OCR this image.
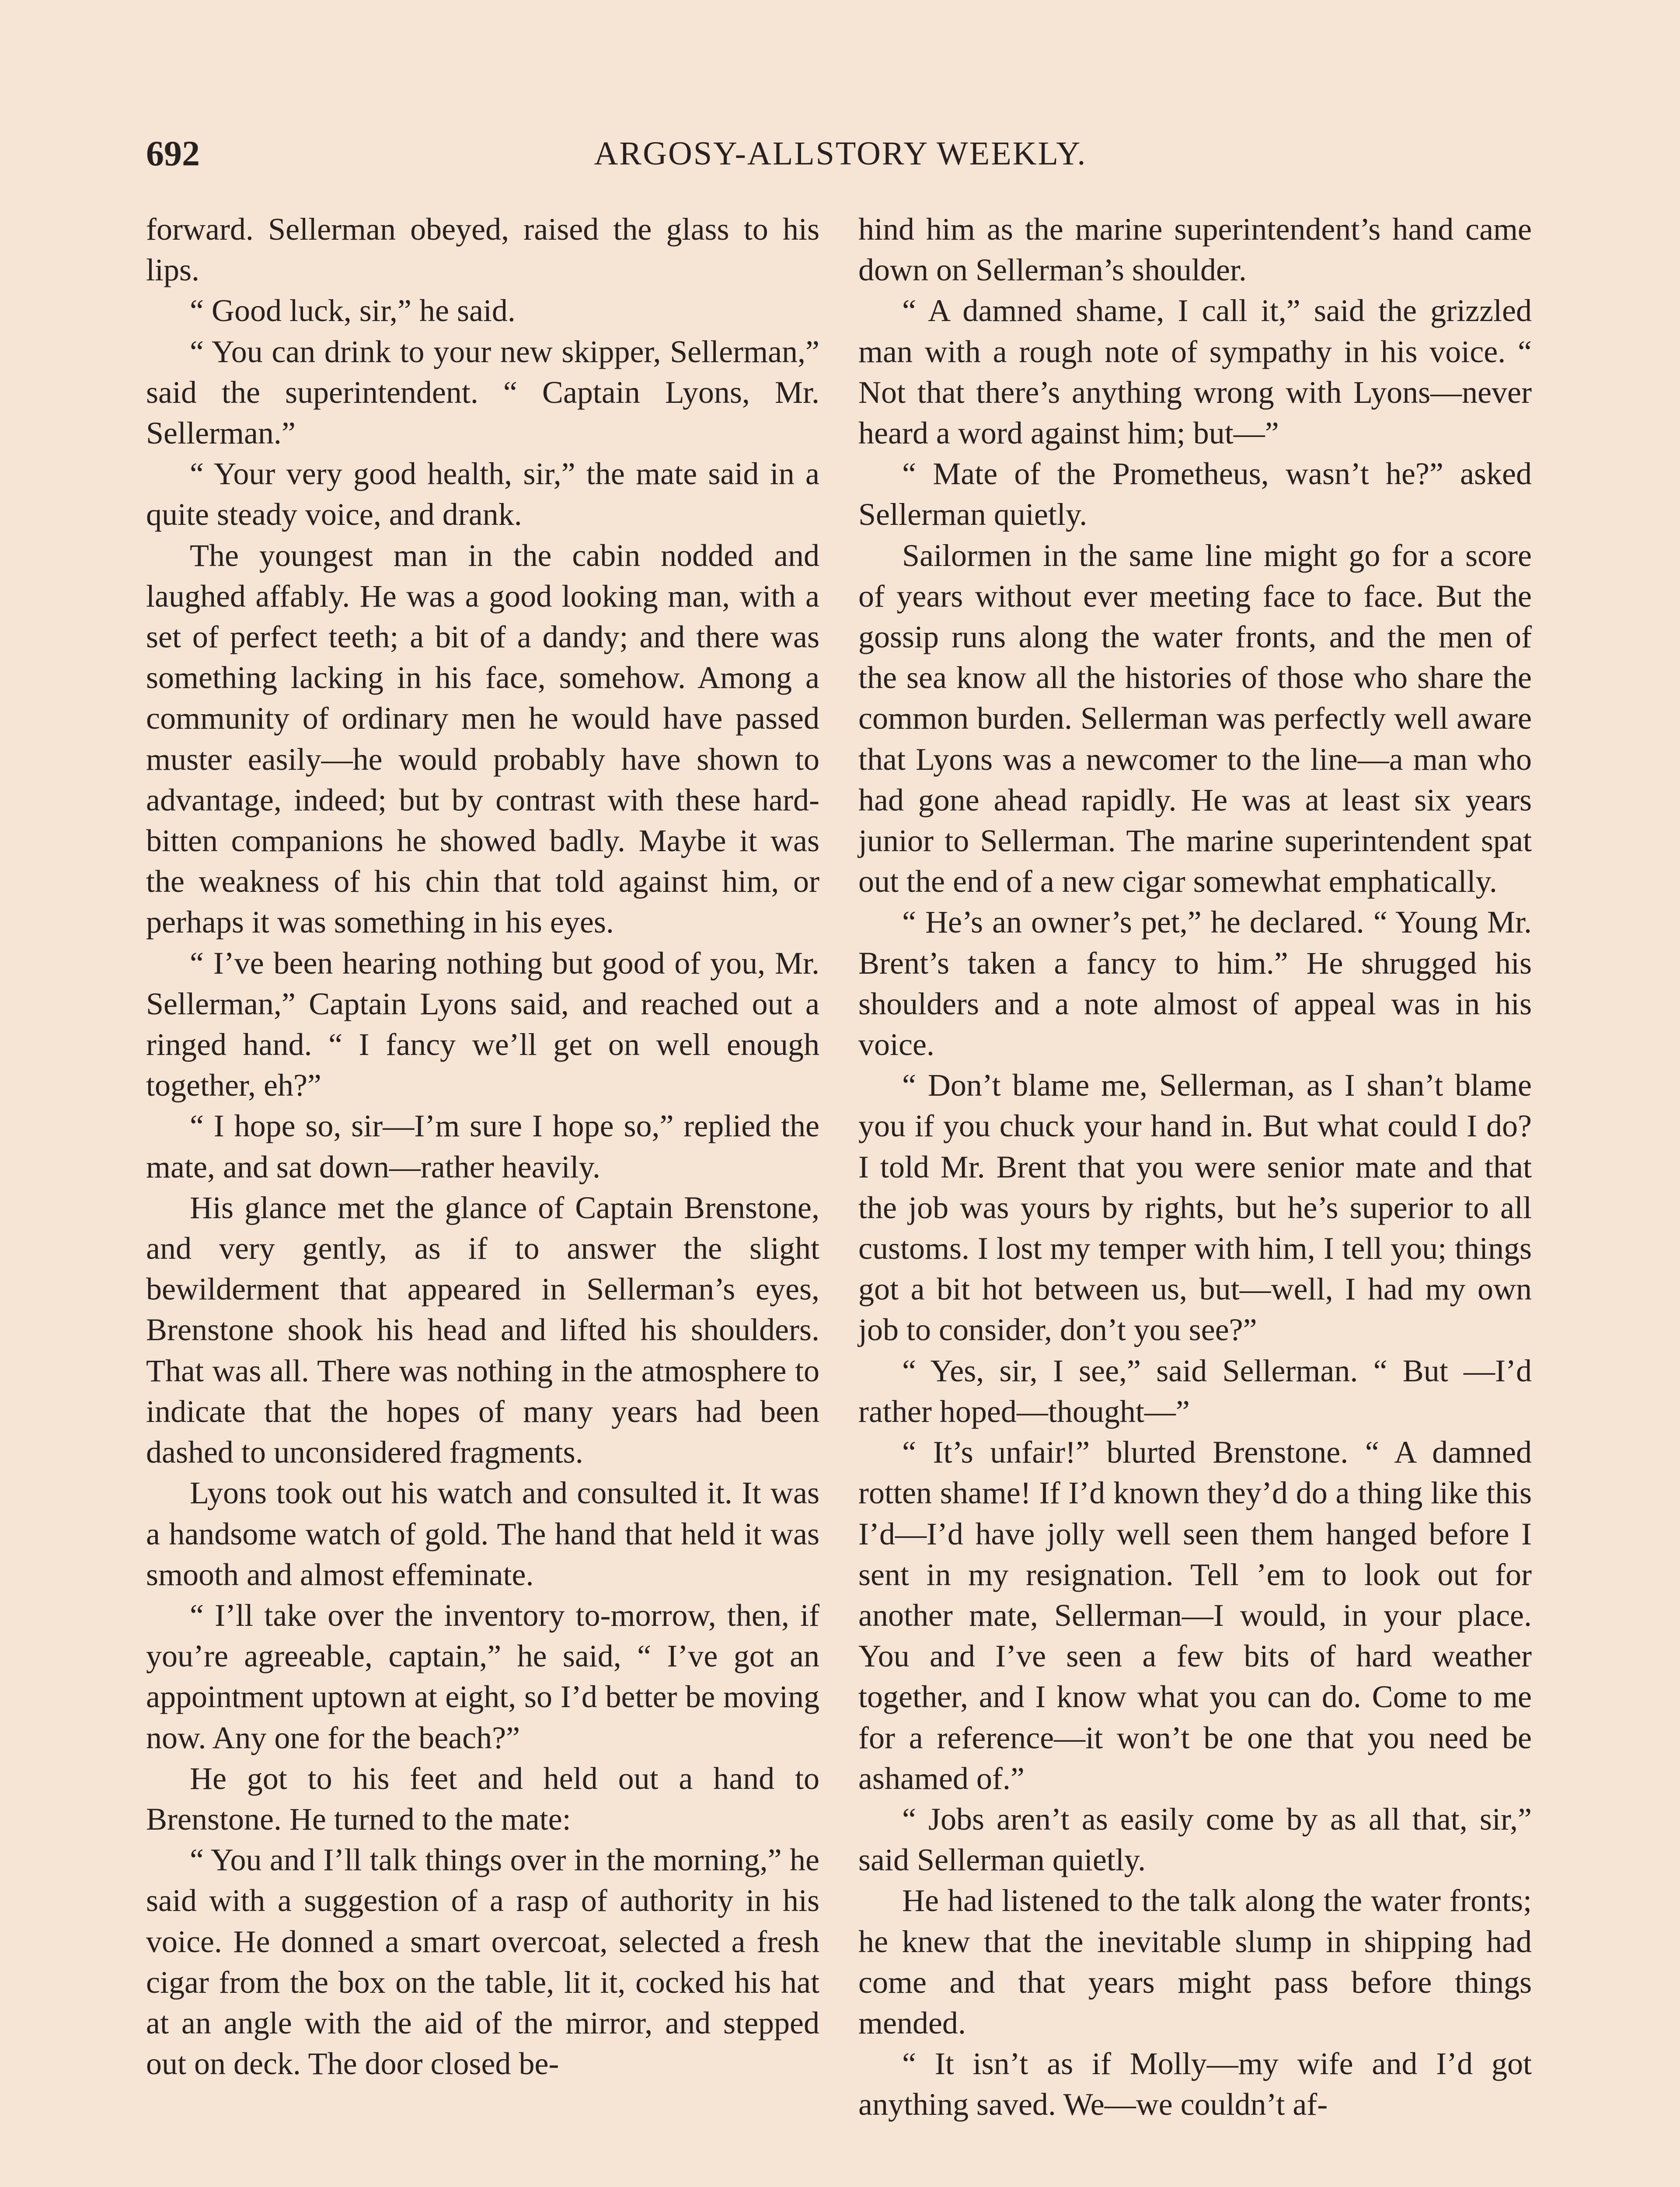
692	ARGOSY-ALLSTORY WEEKLY.

forward. Sellerman obeyed, raised the glass to his lips.

“ Good luck, sir,” he said.

“ You can drink to your new skipper, Sellerman,” said the superintendent. “ Captain Lyons, Mr. Sellerman.”

“ Your very good health, sir,” the mate said in a quite steady voice, and drank.

The youngest man in the cabin nodded and laughed affably. He was a good looking man, with a set of perfect teeth; a bit of a dandy; and there was something lacking in his face, somehow. Among a community of ordinary men he would have passed muster easily—he would probably have shown to advantage, indeed; but by contrast with these hard-bitten companions he showed badly. Maybe it was the weakness of his chin that told against him, or perhaps it was something in his eyes.

“ I’ve been hearing nothing but good of you, Mr. Sellerman,” Captain Lyons said, and reached out a ringed hand. “ I fancy we’ll get on well enough together, eh?”

“ I hope so, sir—I’m sure I hope so,” replied the mate, and sat down—rather heavily.

His glance met the glance of Captain Brenstone, and very gently, as if to answer the slight bewilderment that appeared in Sellerman’s eyes, Brenstone shook his head and lifted his shoulders. That was all. There was nothing in the atmosphere to indicate that the hopes of many years had been dashed to unconsidered fragments.

Lyons took out his watch and consulted it. It was a handsome watch of gold. The hand that held it was smooth and almost effeminate.

“ I’ll take over the inventory to-morrow, then, if you’re agreeable, captain,” he said, “ I’ve got an appointment uptown at eight, so I’d better be moving now. Any one for the beach?”

He got to his feet and held out a hand to Brenstone. He turned to the mate:

“ You and I’ll talk things over in the morning,” he said with a suggestion of a rasp of authority in his voice. He donned a smart overcoat, selected a fresh cigar from the box on the table, lit it, cocked his hat at an angle with the aid of the mirror, and stepped out on deck. The door closed be-

hind him as the marine superintendent’s hand came down on Sellerman’s shoulder.

“ A damned shame, I call it,” said the grizzled man with a rough note of sympathy in his voice. “ Not that there’s anything wrong with Lyons—never heard a word against him; but—”

“ Mate of the Prometheus, wasn’t he?” asked Sellerman quietly.

Sailormen in the same line might go for a score of years without ever meeting face to face. But the gossip runs along the water fronts, and the men of the sea know all the histories of those who share the common burden. Sellerman was perfectly well aware that Lyons was a newcomer to the line—a man who had gone ahead rapidly. He was at least six years junior to Sellerman. The marine superintendent spat out the end of a new cigar somewhat emphatically.

“ He’s an owner’s pet,” he declared. “ Young Mr. Brent’s taken a fancy to him.” He shrugged his shoulders and a note almost of appeal was in his voice.

“ Don’t blame me, Sellerman, as I shan’t blame you if you chuck your hand in. But what could I do? I told Mr. Brent that you were senior mate and that the job was yours by rights, but he’s superior to all customs. I lost my temper with him, I tell you; things got a bit hot between us, but—well, I had my own job to consider, don’t you see?”

“ Yes, sir, I see,” said Sellerman. “ But —I’d rather hoped—thought—”

“ It’s unfair!” blurted Brenstone. “ A damned rotten shame! If I’d known they’d do a thing like this I’d—I’d have jolly well seen them hanged before I sent in my resignation. Tell ’em to look out for another mate, Sellerman—I would, in your place. You and I’ve seen a few bits of hard weather together, and I know what you can do. Come to me for a reference—it won’t be one that you need be ashamed of.”

“ Jobs aren’t as easily come by as all that, sir,” said Sellerman quietly.

He had listened to the talk along the water fronts; he knew that the inevitable slump in shipping had come and that years might pass before things mended.

“ It isn’t as if Molly—my wife and I’d got anything saved. We—we couldn’t af-
